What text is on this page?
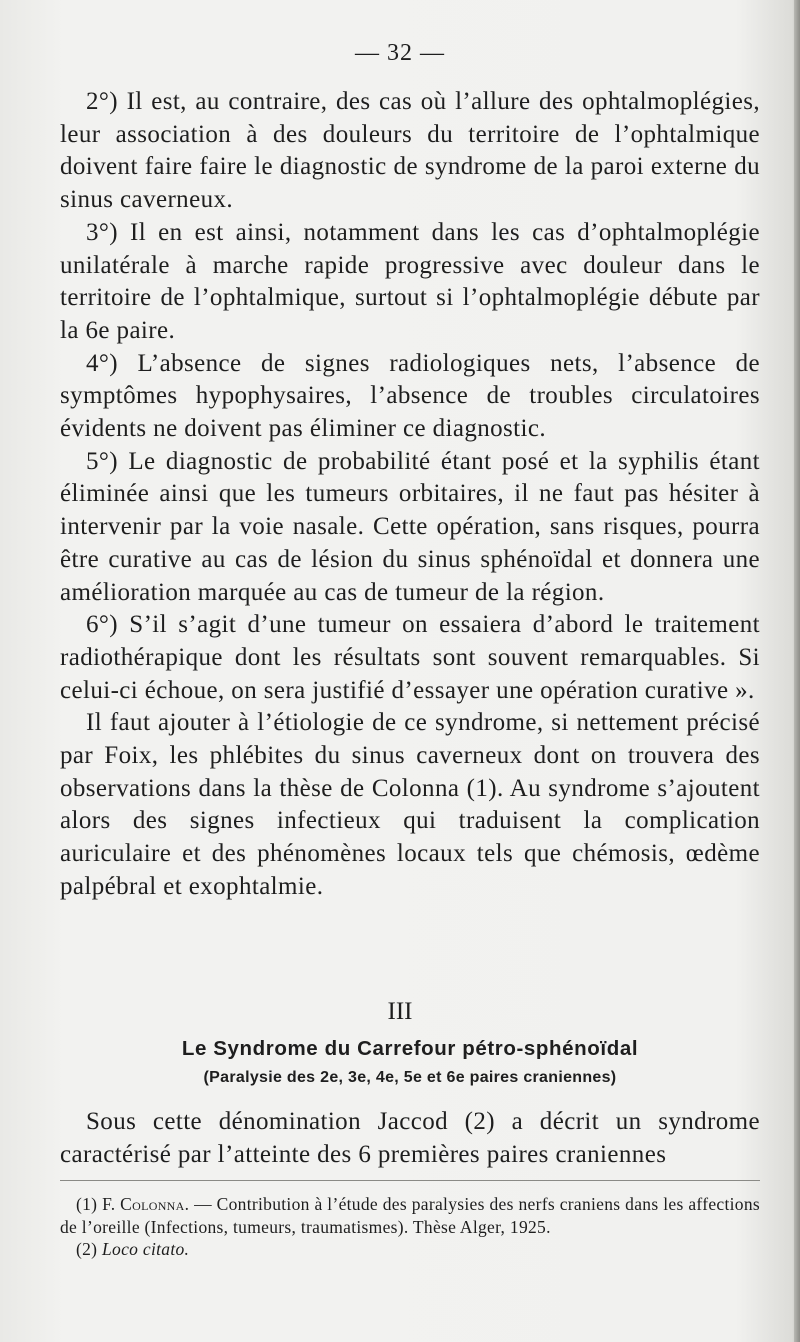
— 32 —

2°) Il est, au contraire, des cas où l’allure des ophtalmoplégies, leur association à des douleurs du territoire de l’ophtalmique doivent faire faire le diagnostic de syndrome de la paroi externe du sinus caverneux.

3°) Il en est ainsi, notamment dans les cas d’ophtalmoplégie unilatérale à marche rapide progressive avec douleur dans le territoire de l’ophtalmique, surtout si l’ophtalmoplégie débute par la 6e paire.

4°) L’absence de signes radiologiques nets, l’absence de symptômes hypophysaires, l’absence de troubles circulatoires évidents ne doivent pas éliminer ce diagnostic.

5°) Le diagnostic de probabilité étant posé et la syphilis étant éliminée ainsi que les tumeurs orbitaires, il ne faut pas hésiter à intervenir par la voie nasale. Cette opération, sans risques, pourra être curative au cas de lésion du sinus sphénoïdal et donnera une amélioration marquée au cas de tumeur de la région.

6°) S’il s’agit d’une tumeur on essaiera d’abord le traitement radiothérapique dont les résultats sont souvent remarquables. Si celui-ci échoue, on sera justifié d’essayer une opération curative ».

Il faut ajouter à l’étiologie de ce syndrome, si nettement précisé par Foix, les phlébites du sinus caverneux dont on trouvera des observations dans la thèse de Colonna (1). Au syndrome s’ajoutent alors des signes infectieux qui traduisent la complication auriculaire et des phénomènes locaux tels que chémosis, œdème palpébral et exophtalmie.

III
Le Syndrome du Carrefour pétro-sphénoïdal
(Paralysie des 2e, 3e, 4e, 5e et 6e paires craniennes)

Sous cette dénomination Jaccod (2) a décrit un syndrome caractérisé par l’atteinte des 6 premières paires craniennes

(1) F. Colonna. — Contribution à l’étude des paralysies des nerfs craniens dans les affections de l’oreille (Infections, tumeurs, traumatismes). Thèse Alger, 1925.

(2) Loco citato.
